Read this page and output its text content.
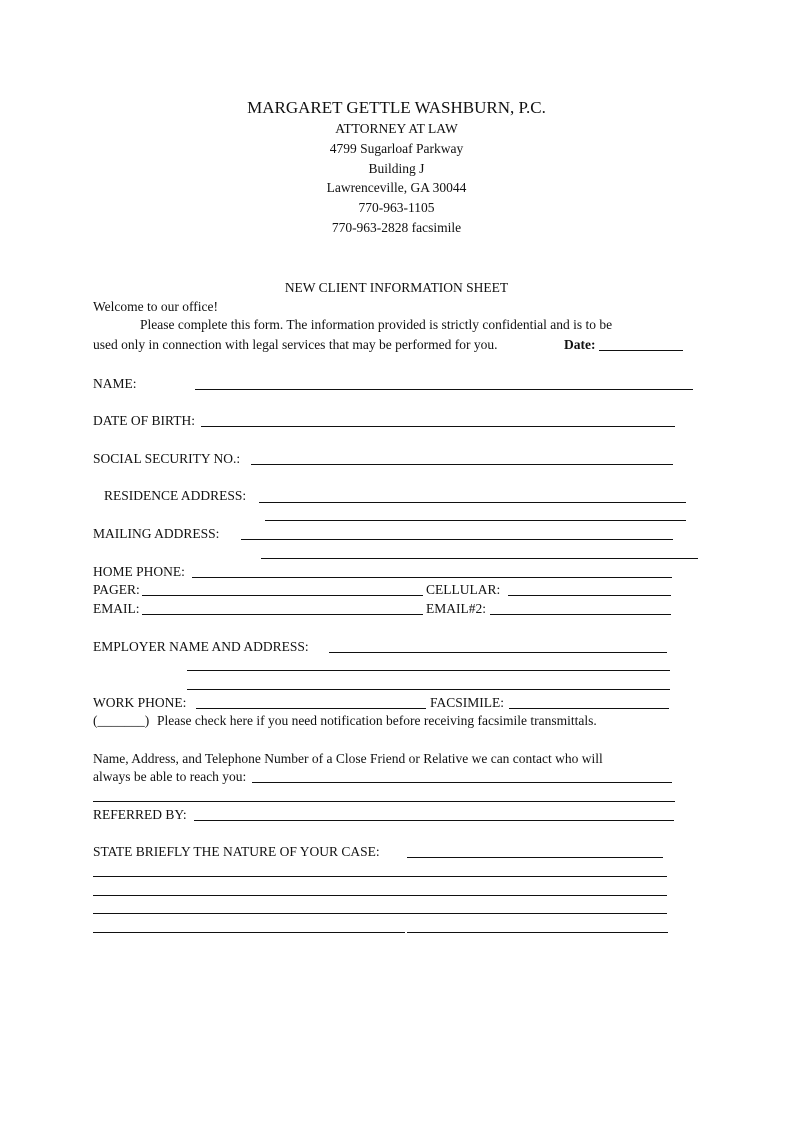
MARGARET GETTLE WASHBURN, P.C.
ATTORNEY AT LAW
4799 Sugarloaf Parkway
Building J
Lawrenceville, GA 30044
770-963-1105
770-963-2828 facsimile
NEW CLIENT INFORMATION SHEET
Welcome to our office!
Please complete this form. The information provided is strictly confidential and is to be
used only in connection with legal services that may be performed for you.	Date:
NAME:
DATE OF BIRTH:
SOCIAL SECURITY NO.:
RESIDENCE ADDRESS:
MAILING ADDRESS:
HOME PHONE:
PAGER:	CELLULAR:
EMAIL:	EMAIL#2:
EMPLOYER NAME AND ADDRESS:
WORK PHONE:	FACSIMILE:
(_______) Please check here if you need notification before receiving facsimile transmittals.
Name, Address, and Telephone Number of a Close Friend or Relative we can contact who will
always be able to reach you:
REFERRED BY:
STATE BRIEFLY THE NATURE OF YOUR CASE:
